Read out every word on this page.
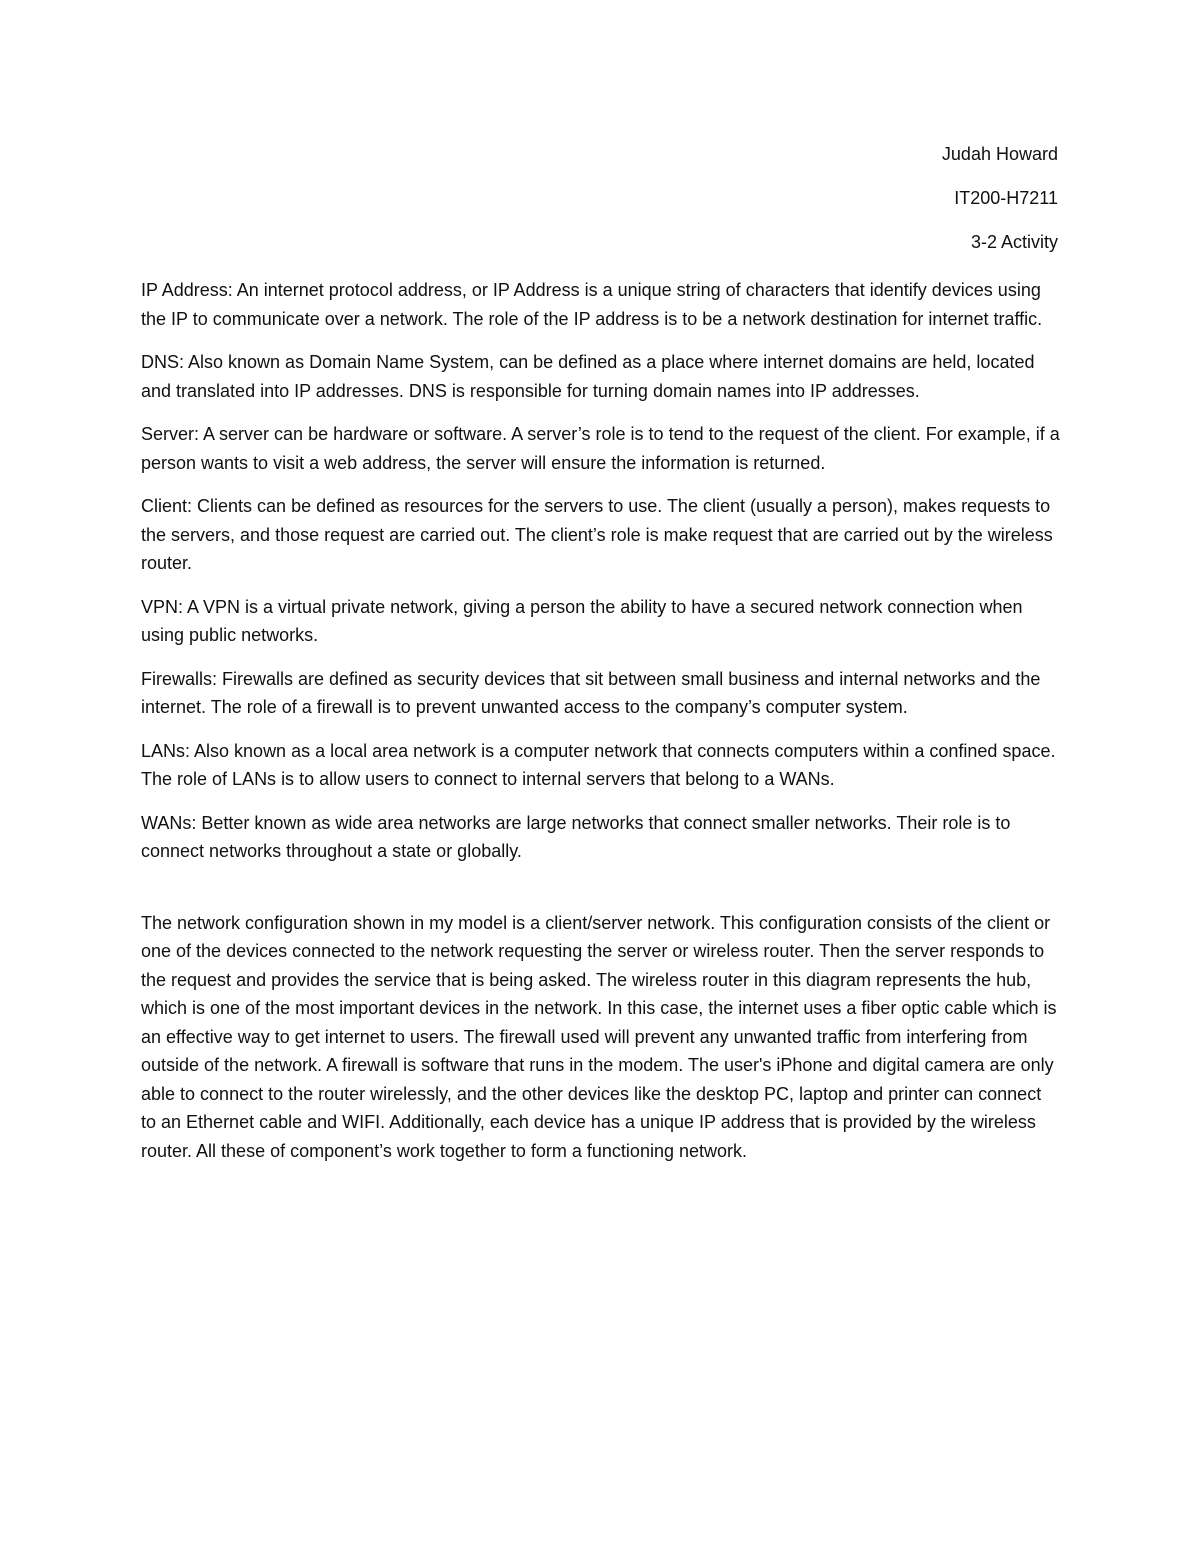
Judah Howard

IT200-H7211

3-2 Activity

IP Address: An internet protocol address, or IP Address is a unique string of characters that identify devices using the IP to communicate over a network. The role of the IP address is to be a network destination for internet traffic.

DNS: Also known as Domain Name System, can be defined as a place where internet domains are held, located and translated into IP addresses. DNS is responsible for turning domain names into IP addresses.

Server: A server can be hardware or software. A server’s role is to tend to the request of the client. For example, if a person wants to visit a web address, the server will ensure the information is returned.

Client: Clients can be defined as resources for the servers to use. The client (usually a person), makes requests to the servers, and those request are carried out. The client’s role is make request that are carried out by the wireless router.

VPN: A VPN is a virtual private network, giving a person the ability to have a secured network connection when using public networks.

Firewalls: Firewalls are defined as security devices that sit between small business and internal networks and the internet. The role of a firewall is to prevent unwanted access to the company’s computer system.

LANs: Also known as a local area network is a computer network that connects computers within a confined space. The role of LANs is to allow users to connect to internal servers that belong to a WANs.

WANs: Better known as wide area networks are large networks that connect smaller networks. Their role is to connect networks throughout a state or globally.

The network configuration shown in my model is a client/server network. This configuration consists of the client or one of the devices connected to the network requesting the server or wireless router. Then the server responds to the request and provides the service that is being asked. The wireless router in this diagram represents the hub, which is one of the most important devices in the network. In this case, the internet uses a fiber optic cable which is an effective way to get internet to users. The firewall used will prevent any unwanted traffic from interfering from outside of the network. A firewall is software that runs in the modem. The user's iPhone and digital camera are only able to connect to the router wirelessly, and the other devices like the desktop PC, laptop and printer can connect to an Ethernet cable and WIFI. Additionally, each device has a unique IP address that is provided by the wireless router. All these of component’s work together to form a functioning network.
